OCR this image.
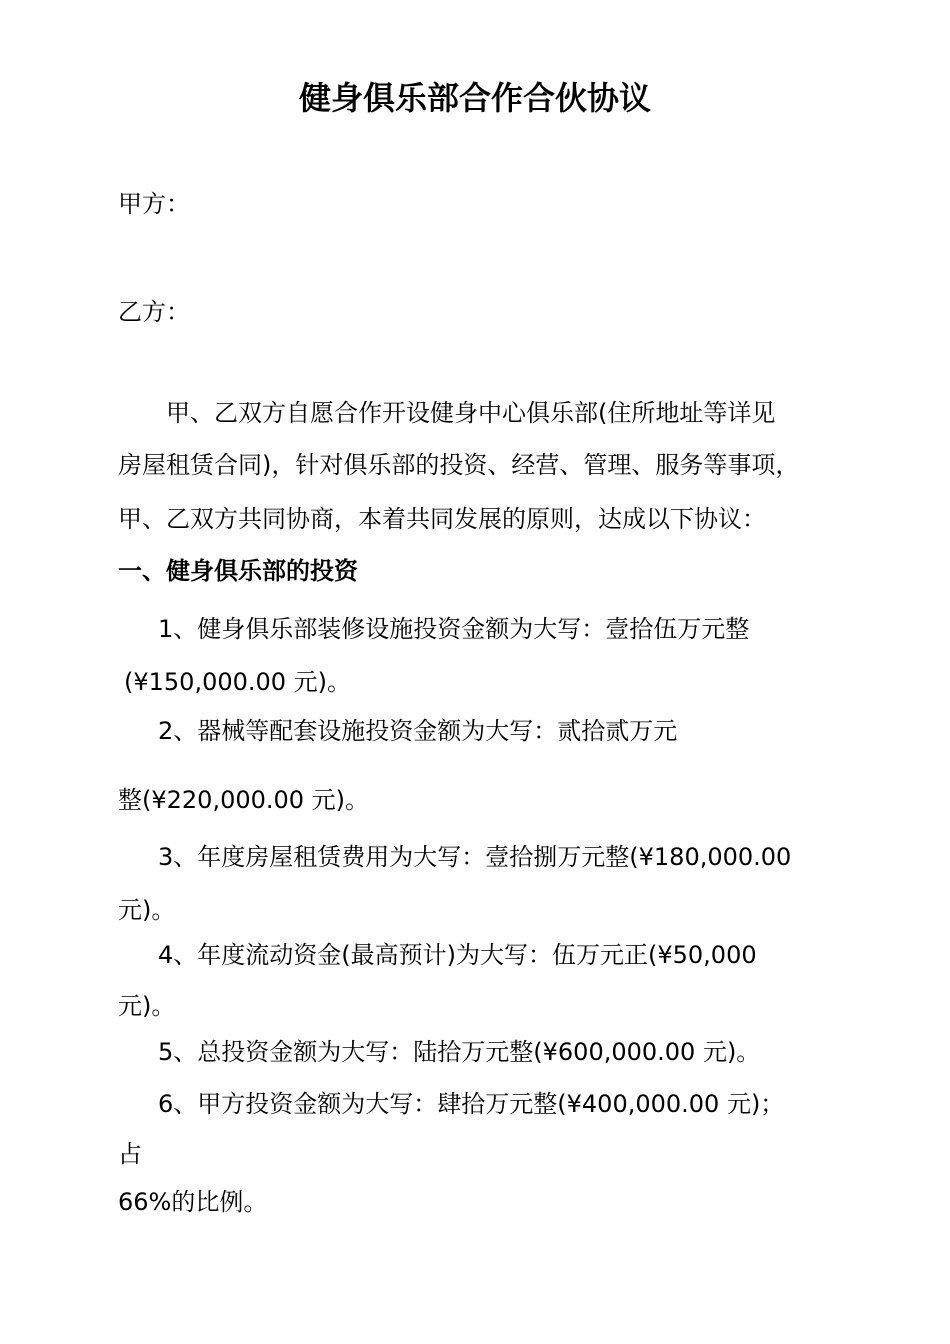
健身俱乐部合作合伙协议
甲方：
乙方：
甲、乙双方自愿合作开设健身中心俱乐部(住所地址等详见
房屋租赁合同)，针对俱乐部的投资、经营、管理、服务等事项，
甲、乙双方共同协商，本着共同发展的原则，达成以下协议：
一、健身俱乐部的投资
1、健身俱乐部装修设施投资金额为大写：壹拾伍万元整
(¥150,000.00 元)。
2、器械等配套设施投资金额为大写：贰拾贰万元
整(¥220,000.00 元)。
3、年度房屋租赁费用为大写：壹拾捌万元整(¥180,000.00
元)。
4、年度流动资金(最高预计)为大写：伍万元正(¥50,000
元)。
5、总投资金额为大写：陆拾万元整(¥600,000.00 元)。
6、甲方投资金额为大写：肆拾万元整(¥400,000.00 元)；
占
66%的比例。
